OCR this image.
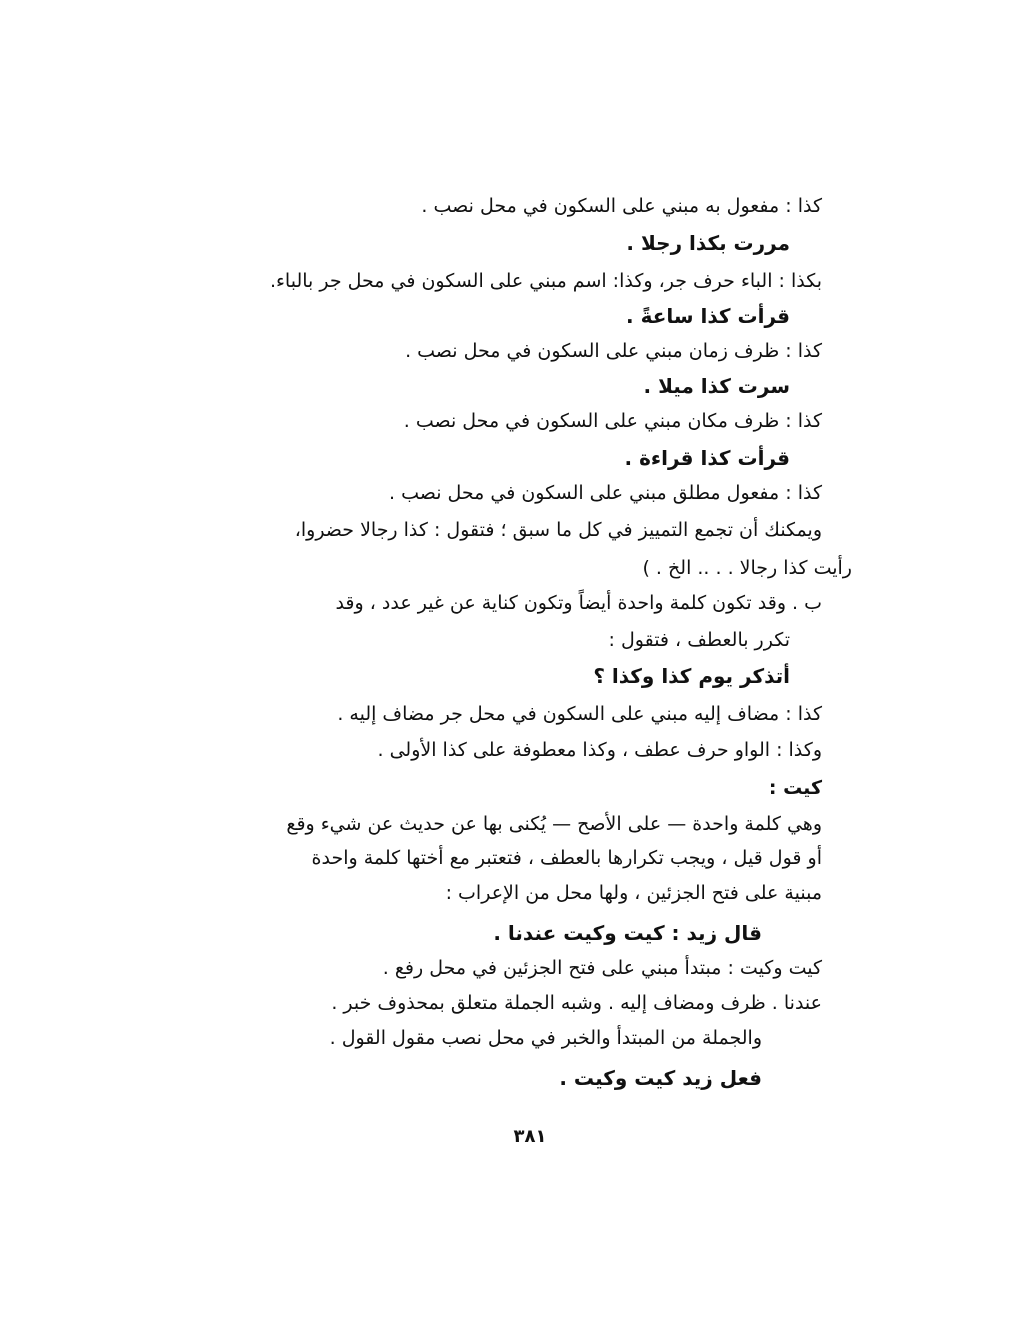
كذا : مفعول به مبني على السكون في محل نصب .
مررت بكذا رجلا .
بكذا : الباء حرف جر، وكذا: اسم مبني على السكون في محل جر بالباء.
قرأت كذا ساعةً .
كذا : ظرف زمان مبني على السكون في محل نصب .
سرت كذا ميلا .
كذا : ظرف مكان مبني على السكون في محل نصب .
قرأت كذا قراءة .
كذا : مفعول مطلق مبني على السكون في محل نصب .
ويمكنك أن تجمع التمييز في كل ما سبق ؛ فتقول : كذا رجالا حضروا،
رأيت كذا رجالا . . .. الخ . )
ب . وقد تكون كلمة واحدة أيضاً وتكون كناية عن غير عدد ، وقد
تكرر بالعطف ، فتقول :
أتذكر يوم كذا وكذا ؟
كذا : مضاف إليه مبني على السكون في محل جر مضاف إليه .
وكذا : الواو حرف عطف ، وكذا معطوفة على كذا الأولى .
كيت :
وهي كلمة واحدة — على الأصح — يُكنى بها عن حديث عن شيء وقع
أو قول قيل ، ويجب تكرارها بالعطف ، فتعتبر مع أختها كلمة واحدة
مبنية على فتح الجزئين ، ولها محل من الإعراب :
قال زيد : كيت وكيت عندنا .
كيت وكيت : مبتدأ مبني على فتح الجزئين في محل رفع .
عندنا . ظرف ومضاف إليه . وشبه الجملة متعلق بمحذوف خبر .
والجملة من المبتدأ والخبر في محل نصب مقول القول .
فعل زيد كيت وكيت .
٣٨١
